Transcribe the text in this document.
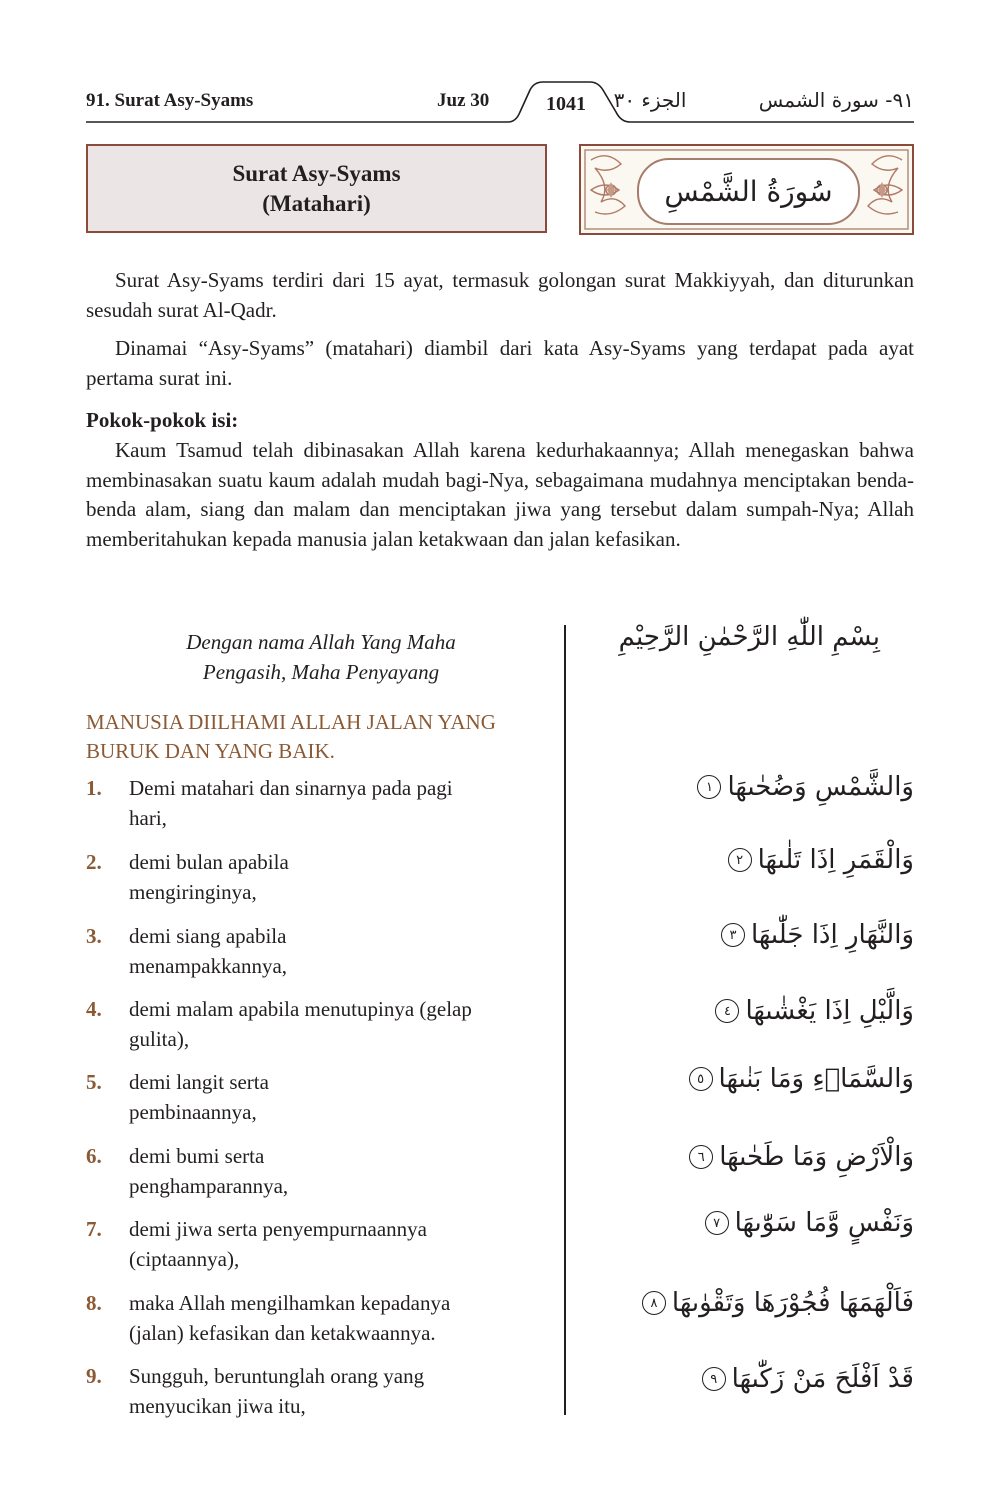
91. Surat Asy-Syams	Juz 30	1041	الجزء ٣٠	٩١- سورة الشمس
Surat Asy-Syams
(Matahari)	سُورَةُ الشَّمْسِ

Surat Asy-Syams terdiri dari 15 ayat, termasuk golongan surat Makkiyyah, dan diturunkan sesudah surat Al-Qadr.

Dinamai “Asy-Syams” (matahari) diambil dari kata Asy-Syams yang terdapat pada ayat pertama surat ini.

Pokok-pokok isi:

Kaum Tsamud telah dibinasakan Allah karena kedurhakaannya; Allah menegaskan bahwa membinasakan suatu kaum adalah mudah bagi-Nya, sebagaimana mudahnya menciptakan benda-benda alam, siang dan malam dan menciptakan jiwa yang tersebut dalam sumpah-Nya; Allah memberitahukan kepada manusia jalan ketakwaan dan jalan kefasikan.

Dengan nama Allah Yang Maha
Pengasih, Maha Penyayang
بِسْمِ اللّٰهِ الرَّحْمٰنِ الرَّحِيْمِ
MANUSIA DIILHAMI ALLAH JALAN YANG
BURUK DAN YANG BAIK.
1. Demi matahari dan sinarnya pada pagi
hari,
2. demi bulan apabila
mengiringinya,
3. demi siang apabila
menampakkannya,
4. demi malam apabila menutupinya (gelap
gulita),
5. demi langit serta
pembinaannya,
6. demi bumi serta
penghamparannya,
7. demi jiwa serta penyempurnaannya
(ciptaannya),
8. maka Allah mengilhamkan kepadanya
(jalan) kefasikan dan ketakwaannya.
9. Sungguh, beruntunglah orang yang
menyucikan jiwa itu,
وَالشَّمْسِ وَضُحٰىهَا
١
وَالْقَمَرِ اِذَا تَلٰىهَا
٢
وَالنَّهَارِ اِذَا جَلّٰىهَا
٣
وَالَّيْلِ اِذَا يَغْشٰىهَا
٤
وَالسَّمَاۤءِ وَمَا بَنٰىهَا
٥
وَالْاَرْضِ وَمَا طَحٰىهَا
٦
وَنَفْسٍ وَّمَا سَوّٰىهَا
٧
فَاَلْهَمَهَا فُجُوْرَهَا وَتَقْوٰىهَا
٨
قَدْ اَفْلَحَ مَنْ زَكّٰىهَا
٩
